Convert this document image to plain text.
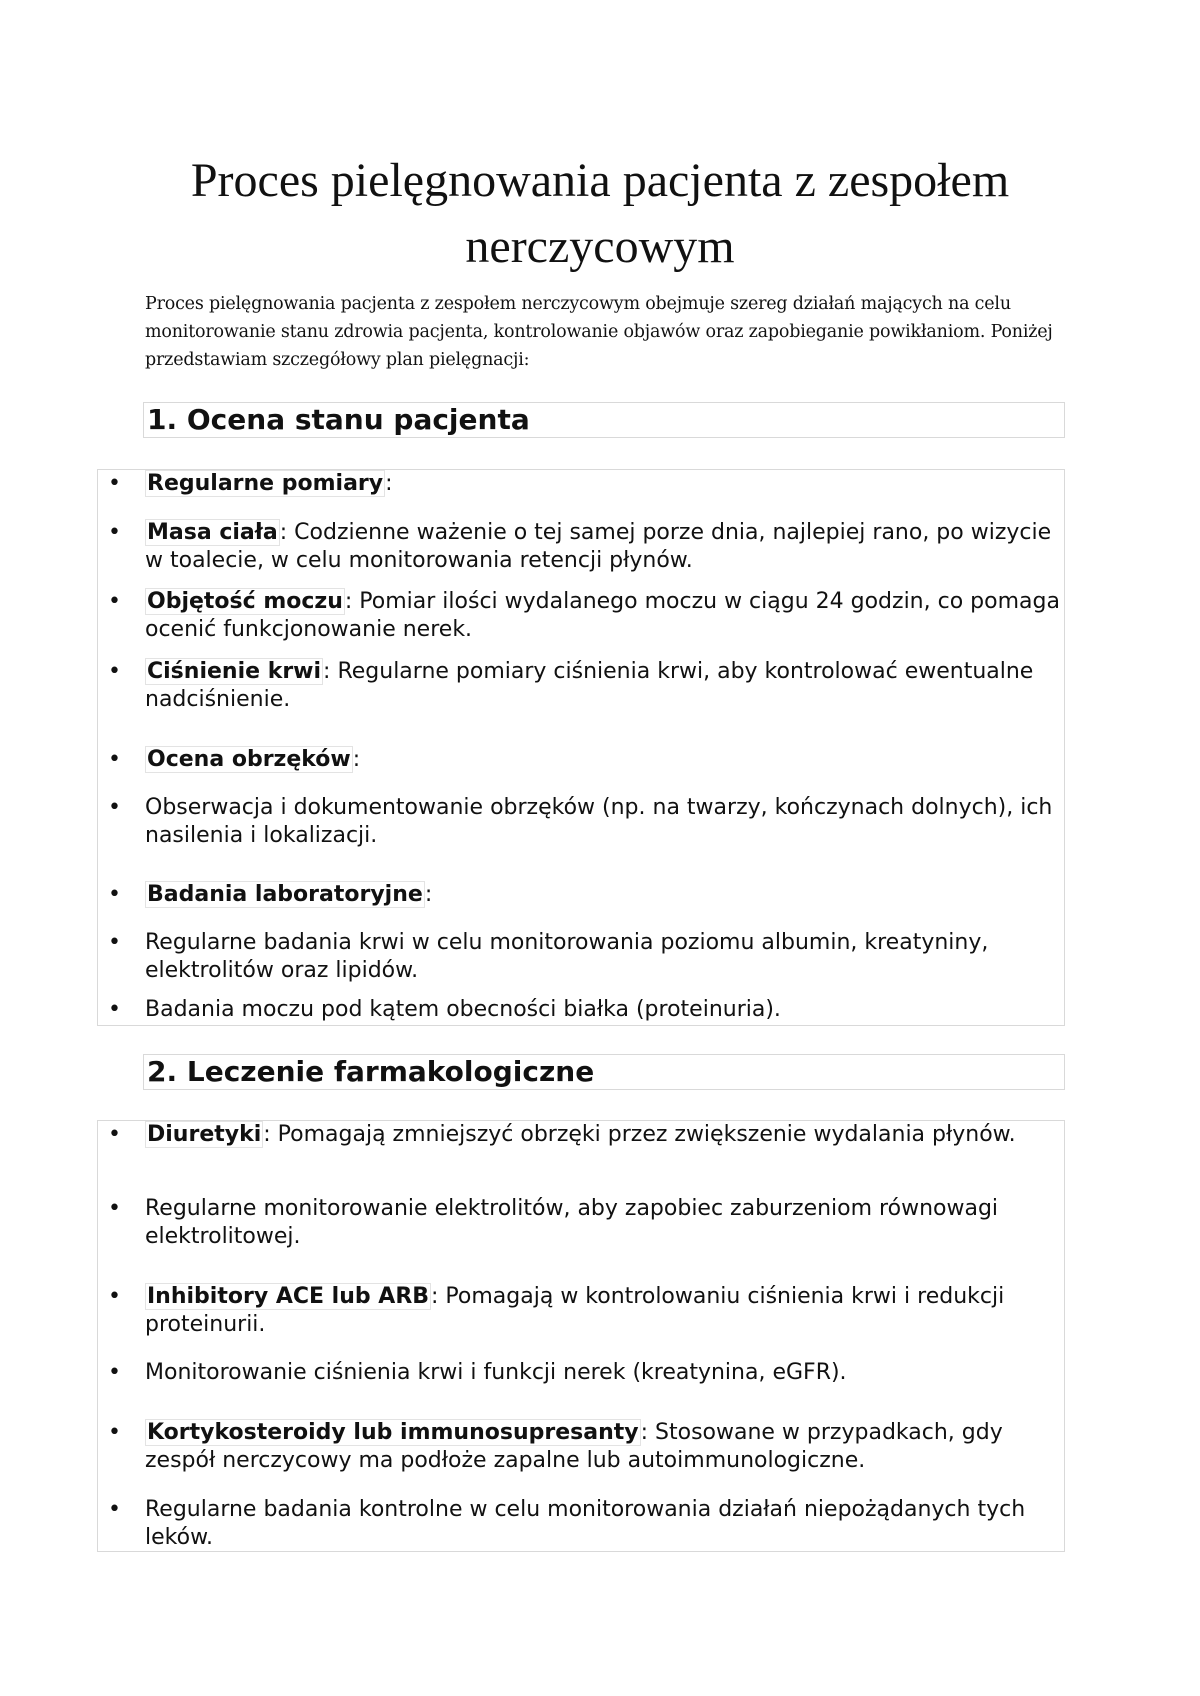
Proces pielęgnowania pacjenta z zespołem nerczycowym

Proces pielęgnowania pacjenta z zespołem nerczycowym obejmuje szereg działań mających na celu monitorowanie stanu zdrowia pacjenta, kontrolowanie objawów oraz zapobieganie powikłaniom. Poniżej przedstawiam szczegółowy plan pielęgnacji:

1. Ocena stanu pacjenta
• Regularne pomiary:
• Masa ciała: Codzienne ważenie o tej samej porze dnia, najlepiej rano, po wizycie w toalecie, w celu monitorowania retencji płynów.
• Objętość moczu: Pomiar ilości wydalanego moczu w ciągu 24 godzin, co pomaga ocenić funkcjonowanie nerek.
• Ciśnienie krwi: Regularne pomiary ciśnienia krwi, aby kontrolować ewentualne nadciśnienie.
• Ocena obrzęków:
• Obserwacja i dokumentowanie obrzęków (np. na twarzy, kończynach dolnych), ich nasilenia i lokalizacji.
• Badania laboratoryjne:
• Regularne badania krwi w celu monitorowania poziomu albumin, kreatyniny, elektrolitów oraz lipidów.
• Badania moczu pod kątem obecności białka (proteinuria).
2. Leczenie farmakologiczne
• Diuretyki: Pomagają zmniejszyć obrzęki przez zwiększenie wydalania płynów.
• Regularne monitorowanie elektrolitów, aby zapobiec zaburzeniom równowagi elektrolitowej.
• Inhibitory ACE lub ARB: Pomagają w kontrolowaniu ciśnienia krwi i redukcji proteinurii.
• Monitorowanie ciśnienia krwi i funkcji nerek (kreatynina, eGFR).
• Kortykosteroidy lub immunosupresanty: Stosowane w przypadkach, gdy zespół nerczycowy ma podłoże zapalne lub autoimmunologiczne.
• Regularne badania kontrolne w celu monitorowania działań niepożądanych tych leków.
